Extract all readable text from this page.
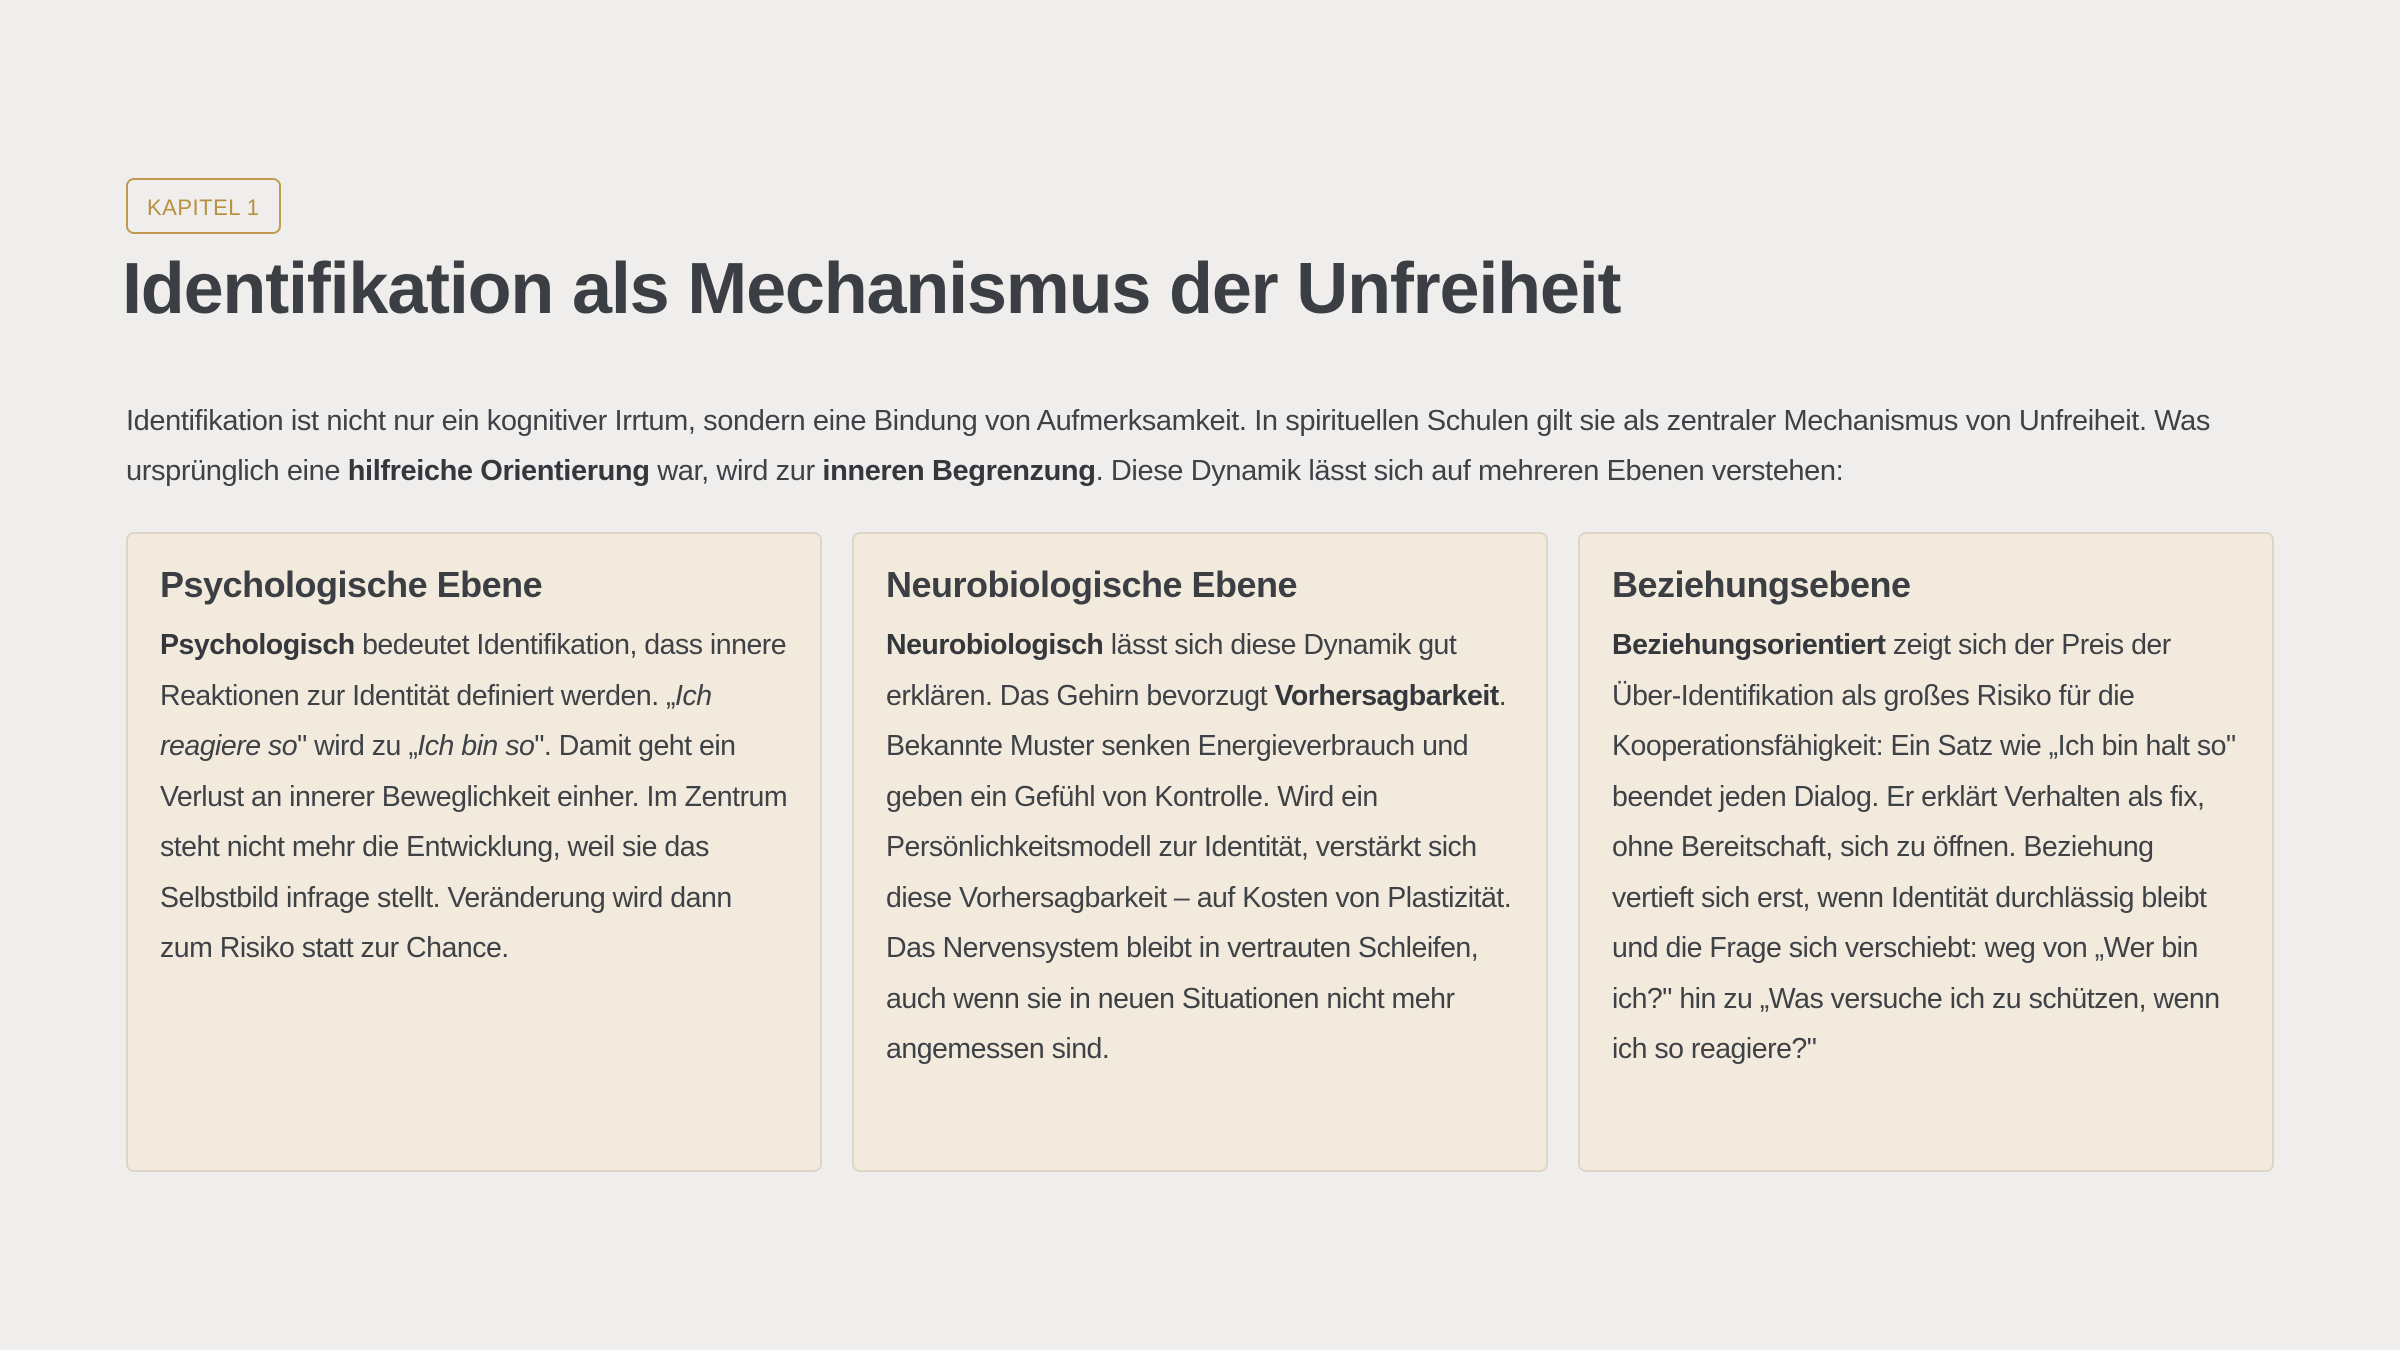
KAPITEL 1
Identifikation als Mechanismus der Unfreiheit

Identifikation ist nicht nur ein kognitiver Irrtum, sondern eine Bindung von Aufmerksamkeit. In spirituellen Schulen gilt sie als zentraler Mechanismus von Unfreiheit. Was ursprünglich eine hilfreiche Orientierung war, wird zur inneren Begrenzung. Diese Dynamik lässt sich auf mehreren Ebenen verstehen:

Psychologische Ebene

Psychologisch bedeutet Identifikation, dass innere Reaktionen zur Identität definiert werden. „Ich reagiere so" wird zu „Ich bin so". Damit geht ein Verlust an innerer Beweglichkeit einher. Im Zentrum steht nicht mehr die Entwicklung, weil sie das Selbstbild infrage stellt. Veränderung wird dann zum Risiko statt zur Chance.

Neurobiologische Ebene

Neurobiologisch lässt sich diese Dynamik gut erklären. Das Gehirn bevorzugt Vorhersagbarkeit. Bekannte Muster senken Energieverbrauch und geben ein Gefühl von Kontrolle. Wird ein Persönlichkeitsmodell zur Identität, verstärkt sich diese Vorhersagbarkeit – auf Kosten von Plastizität. Das Nervensystem bleibt in vertrauten Schleifen, auch wenn sie in neuen Situationen nicht mehr angemessen sind.

Beziehungsebene

Beziehungsorientiert zeigt sich der Preis der Über-Identifikation als großes Risiko für die Kooperationsfähigkeit: Ein Satz wie „Ich bin halt so" beendet jeden Dialog. Er erklärt Verhalten als fix, ohne Bereitschaft, sich zu öffnen. Beziehung vertieft sich erst, wenn Identität durchlässig bleibt und die Frage sich verschiebt: weg von „Wer bin ich?" hin zu „Was versuche ich zu schützen, wenn ich so reagiere?"
